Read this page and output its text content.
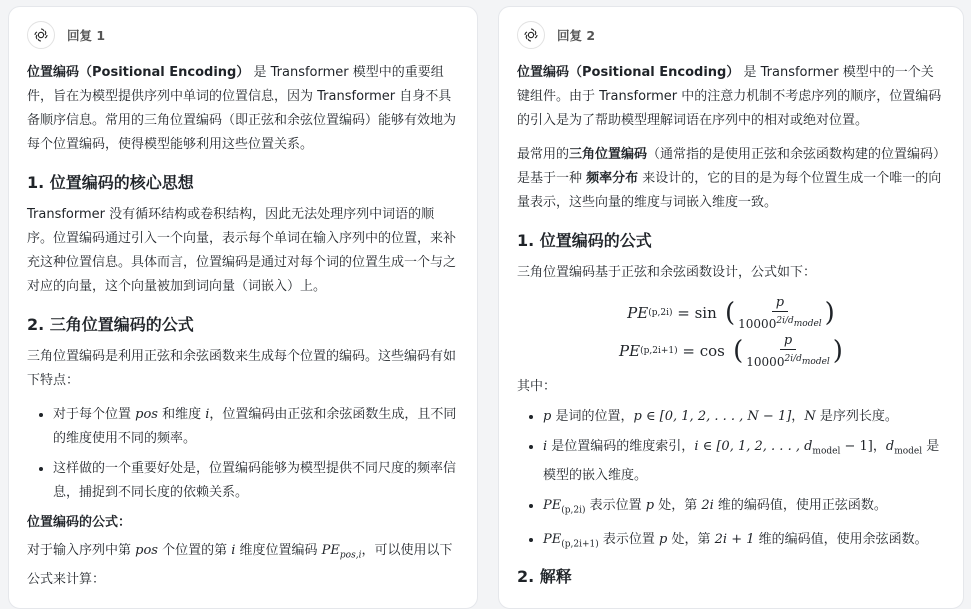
回复 1

位置编码（Positional Encoding） 是 Transformer 模型中的重要组件，旨在为模型提供序列中单词的位置信息，因为 Transformer 自身不具备顺序信息。常用的三角位置编码（即正弦和余弦位置编码）能够有效地为每个位置编码，使得模型能够利用这些位置关系。

1. 位置编码的核心思想

Transformer 没有循环结构或卷积结构，因此无法处理序列中词语的顺序。位置编码通过引入一个向量，表示每个单词在输入序列中的位置，来补充这种位置信息。具体而言，位置编码是通过对每个词的位置生成一个与之对应的向量，这个向量被加到词向量（词嵌入）上。

2. 三角位置编码的公式

三角位置编码是利用正弦和余弦函数来生成每个位置的编码。这些编码有如下特点：

• 对于每个位置 pos 和维度 i，位置编码由正弦和余弦函数生成，且不同的维度使用不同的频率。
• 这样做的一个重要好处是，位置编码能够为模型提供不同尺度的频率信息，捕捉到不同长度的依赖关系。
位置编码的公式：

对于输入序列中第 pos 个位置的第 i 维度位置编码 $PE_{pos,i}$，可以使用以下公式来计算：

回复 2

位置编码（Positional Encoding） 是 Transformer 模型中的一个关键组件。由于 Transformer 中的注意力机制不考虑序列的顺序，位置编码的引入是为了帮助模型理解词语在序列中的相对或绝对位置。

最常用的三角位置编码（通常指的是使用正弦和余弦函数构建的位置编码）是基于一种 频率分布 来设计的，它的目的是为每个位置生成一个唯一的向量表示，这些向量的维度与词嵌入维度一致。

1. 位置编码的公式

三角位置编码基于正弦和余弦函数设计，公式如下：

PE (p,2i) = sin ( $\frac{p}{10000^{2i/d_{model}}}$ )
PE (p,2i+1) = cos ( $\frac{p}{10000^{2i/d_{model}}}$ )

其中：

• p 是词的位置，p ∈ [0, 1, 2, . . . , N − 1]，N 是序列长度。
• i 是位置编码的维度索引，i ∈ [0, 1, 2, . . . , $d_{model} - 1$]，$d_{model}$ 是模型的嵌入维度。
• $PE_{(p,2i)}$ 表示位置 p 处，第 2i 维的编码值，使用正弦函数。
• $PE_{(p,2i+1)}$ 表示位置 p 处，第 2i + 1 维的编码值，使用余弦函数。
2. 解释
